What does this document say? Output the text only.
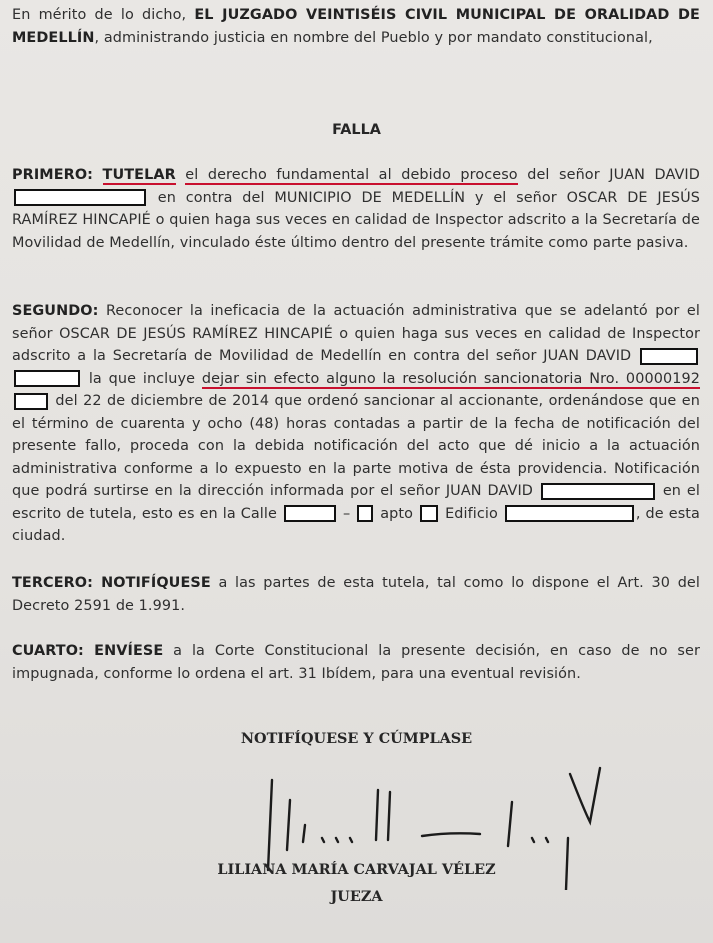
En mérito de lo dicho, EL JUZGADO VEINTISÉIS CIVIL MUNICIPAL DE ORALIDAD DE MEDELLÍN, administrando justicia en nombre del Pueblo y por mandato constitucional,
FALLA
PRIMERO: TUTELAR el derecho fundamental al debido proceso del señor JUAN DAVID  en contra del MUNICIPIO DE MEDELLÍN y el señor OSCAR DE JESÚS RAMÍREZ HINCAPIÉ o quien haga sus veces en calidad de Inspector adscrito a la Secretaría de Movilidad de Medellín, vinculado éste último dentro del presente trámite como parte pasiva.
SEGUNDO: Reconocer la ineficacia de la actuación administrativa que se adelantó por el señor OSCAR DE JESÚS RAMÍREZ HINCAPIÉ o quien haga sus veces en calidad de Inspector adscrito a la Secretaría de Movilidad de Medellín en contra del señor JUAN DAVID   la que incluye dejar sin efecto alguno la resolución sancionatoria Nro. 00000192 del 22 de diciembre de 2014 que ordenó sancionar al accionante, ordenándose que en el término de cuarenta y ocho (48) horas contadas a partir de la fecha de notificación del presente fallo, proceda con la debida notificación del acto que dé inicio a la actuación administrativa conforme a lo expuesto en la parte motiva de ésta providencia. Notificación que podrá surtirse en la dirección informada por el señor JUAN DAVID	en el escrito de tutela, esto es en la Calle	– apto Edificio	, de esta ciudad.
TERCERO: NOTIFÍQUESE a las partes de esta tutela, tal como lo dispone el Art. 30 del Decreto 2591 de 1.991.
CUARTO: ENVÍESE a la Corte Constitucional la presente decisión, en caso de no ser impugnada, conforme lo ordena el art. 31 Ibídem, para una eventual revisión.
NOTIFÍQUESE Y CÚMPLASE
LILIANA MARÍA CARVAJAL VÉLEZ
JUEZA
